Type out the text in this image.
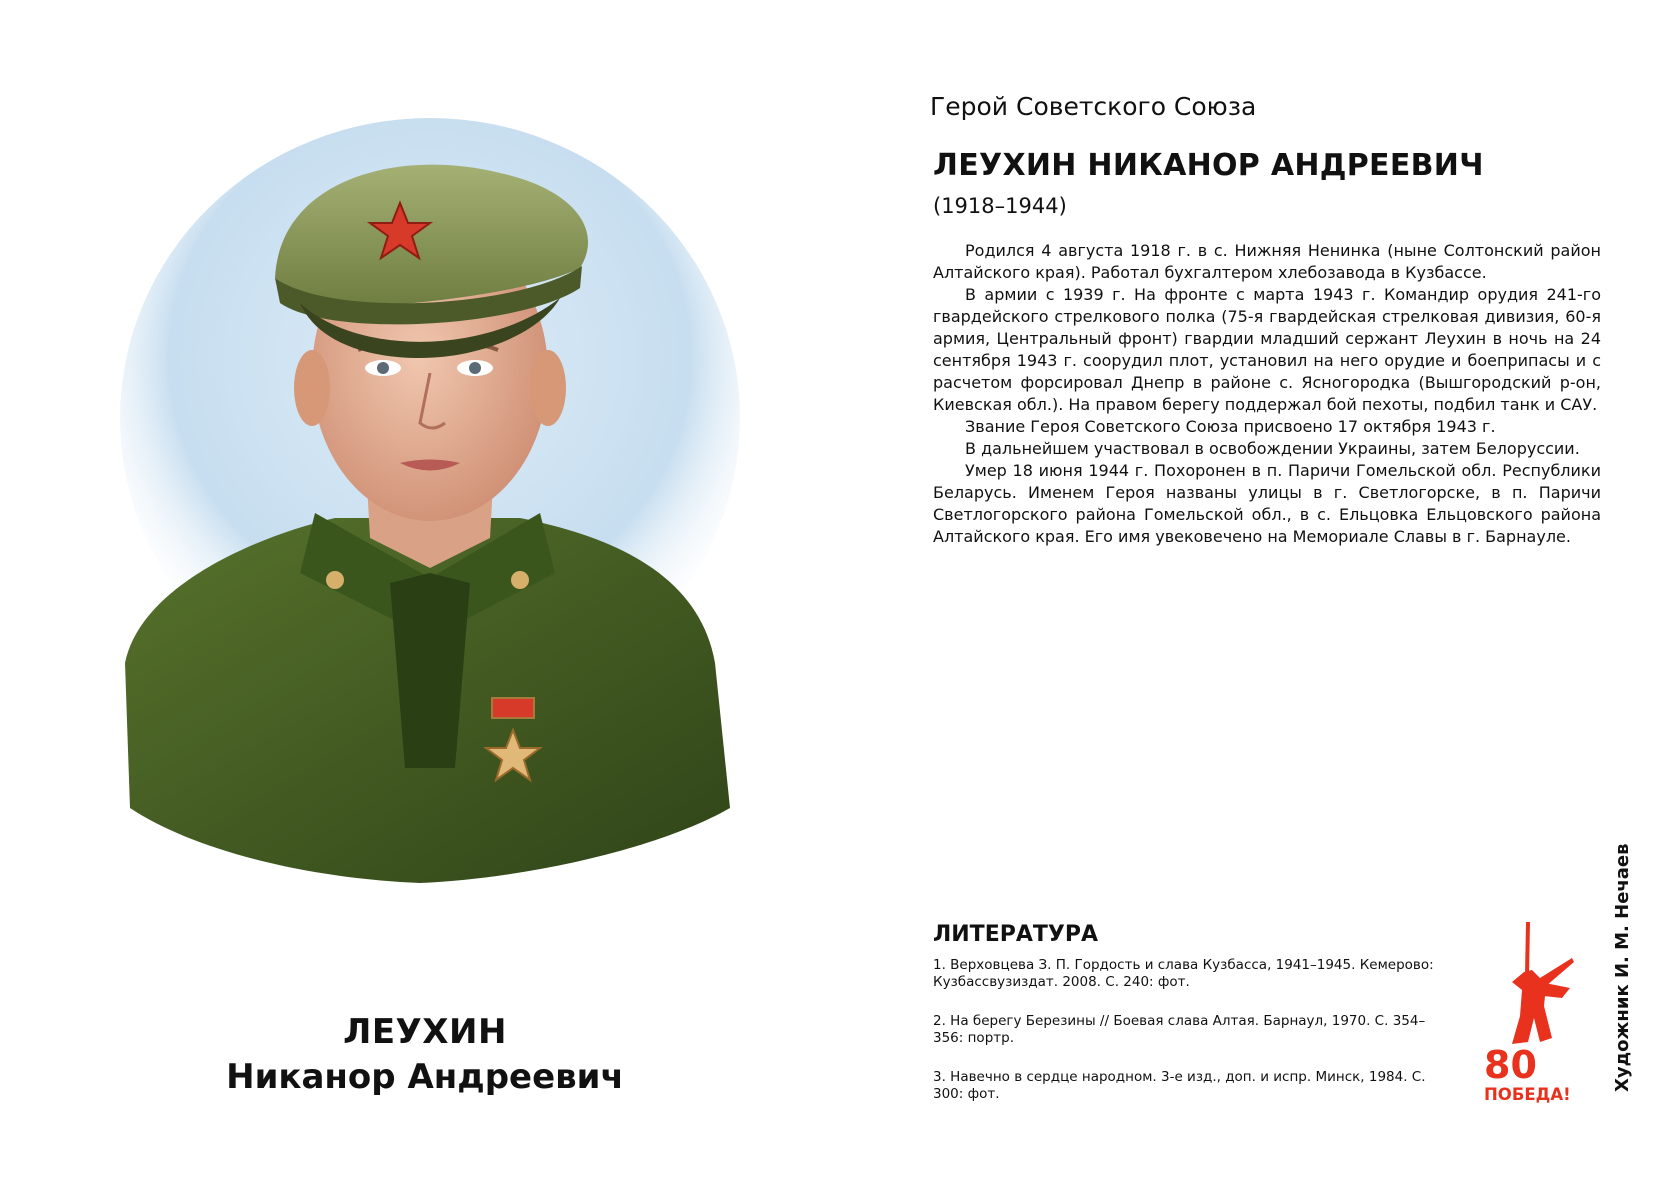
ЛЕУХИН
Никанор Андреевич
Герой Советского Союза
ЛЕУХИН НИКАНОР АНДРЕЕВИЧ
(1918–1944)

Родился 4 августа 1918 г. в с. Нижняя Ненинка (ныне Солтонский район Алтайского края). Работал бухгалтером хлебозавода в Кузбассе.

В армии с 1939 г. На фронте с марта 1943 г. Командир орудия 241-го гвардейского стрелкового полка (75-я гвардейская стрелковая дивизия, 60-я армия, Центральный фронт) гвардии младший сержант Леухин в ночь на 24 сентября 1943 г. соорудил плот, установил на него орудие и боеприпасы и с расчетом форсировал Днепр в районе с. Ясногородка (Вышгородский р-он, Киевская обл.). На правом берегу поддержал бой пехоты, подбил танк и САУ.

Звание Героя Советского Союза присвоено 17 октября 1943 г.

В дальнейшем участвовал в освобождении Украины, затем Белоруссии.

Умер 18 июня 1944 г. Похоронен в п. Паричи Гомельской обл. Республики Беларусь. Именем Героя названы улицы в г. Светлогорске, в п. Паричи Светлогорского района Гомельской обл., в с. Ельцовка Ельцовского района Алтайского края. Его имя увековечено на Мемориале Славы в г. Барнауле.

ЛИТЕРАТУРА
1. Верховцева З. П. Гордость и слава Кузбасса, 1941–1945. Кемерово: Кузбассвузиздат. 2008. С. 240: фот.
2. На берегу Березины // Боевая слава Алтая. Барнаул, 1970. С. 354–356: портр.
3. Навечно в сердце народном. 3-е изд., доп. и испр. Минск, 1984. С. 300: фот.
80
ПОБЕДА!
Художник И. М. Нечаев
